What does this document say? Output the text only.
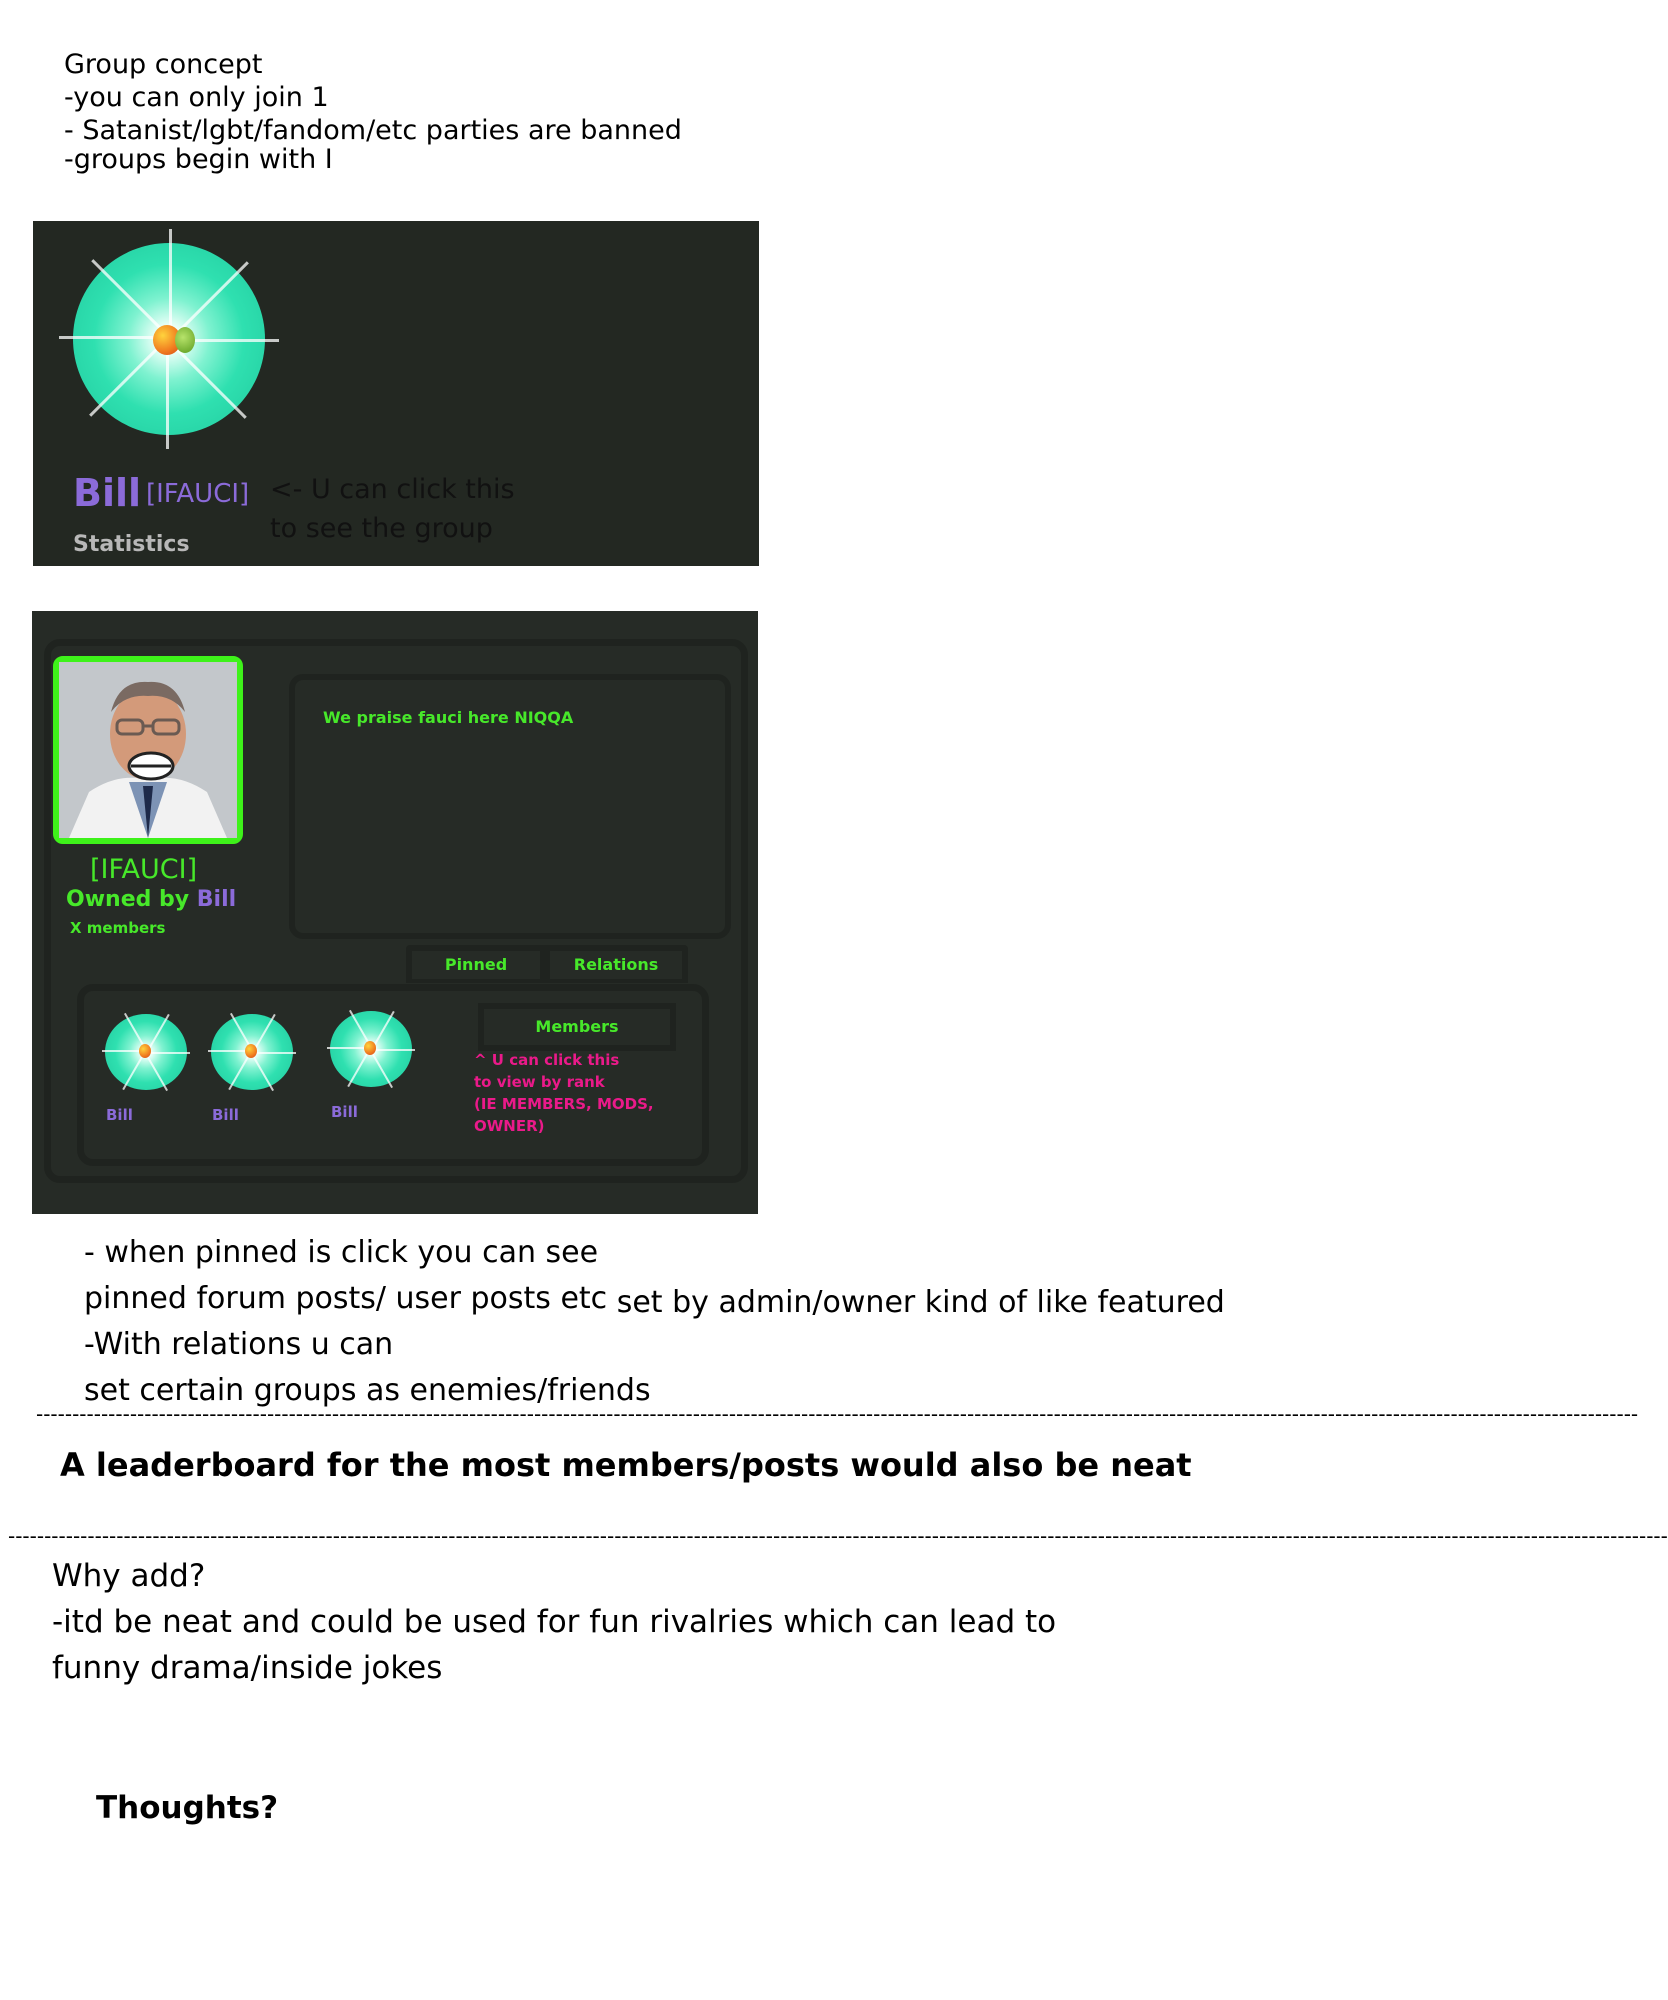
Group concept
-you can only join 1
- Satanist/lgbt/fandom/etc parties are banned
-groups begin with I
Bill [IFAUCI] <- U can click this
to see the group
Statistics
We praise fauci here NIQQA
[IFAUCI]
Owned by Bill
X members
Pinned	Relations
Bill	Bill	Bill
Members
^ U can click this
to view by rank
(IE MEMBERS, MODS,
OWNER)
- when pinned is click you can see
pinned forum posts/ user posts etc set by admin/owner kind of like featured
-With relations u can
set certain groups as enemies/friends
------------------------------------------------------------------------------------------------------------------------------------------------------------------------------------------------------------------------------
A leaderboard for the most members/posts would also be neat
--------------------------------------------------------------------------------------------------------------------------------------------------------------------------------------------------------------------------------------
Why add?
-itd be neat and could be used for fun rivalries which can lead to
funny drama/inside jokes
Thoughts?
